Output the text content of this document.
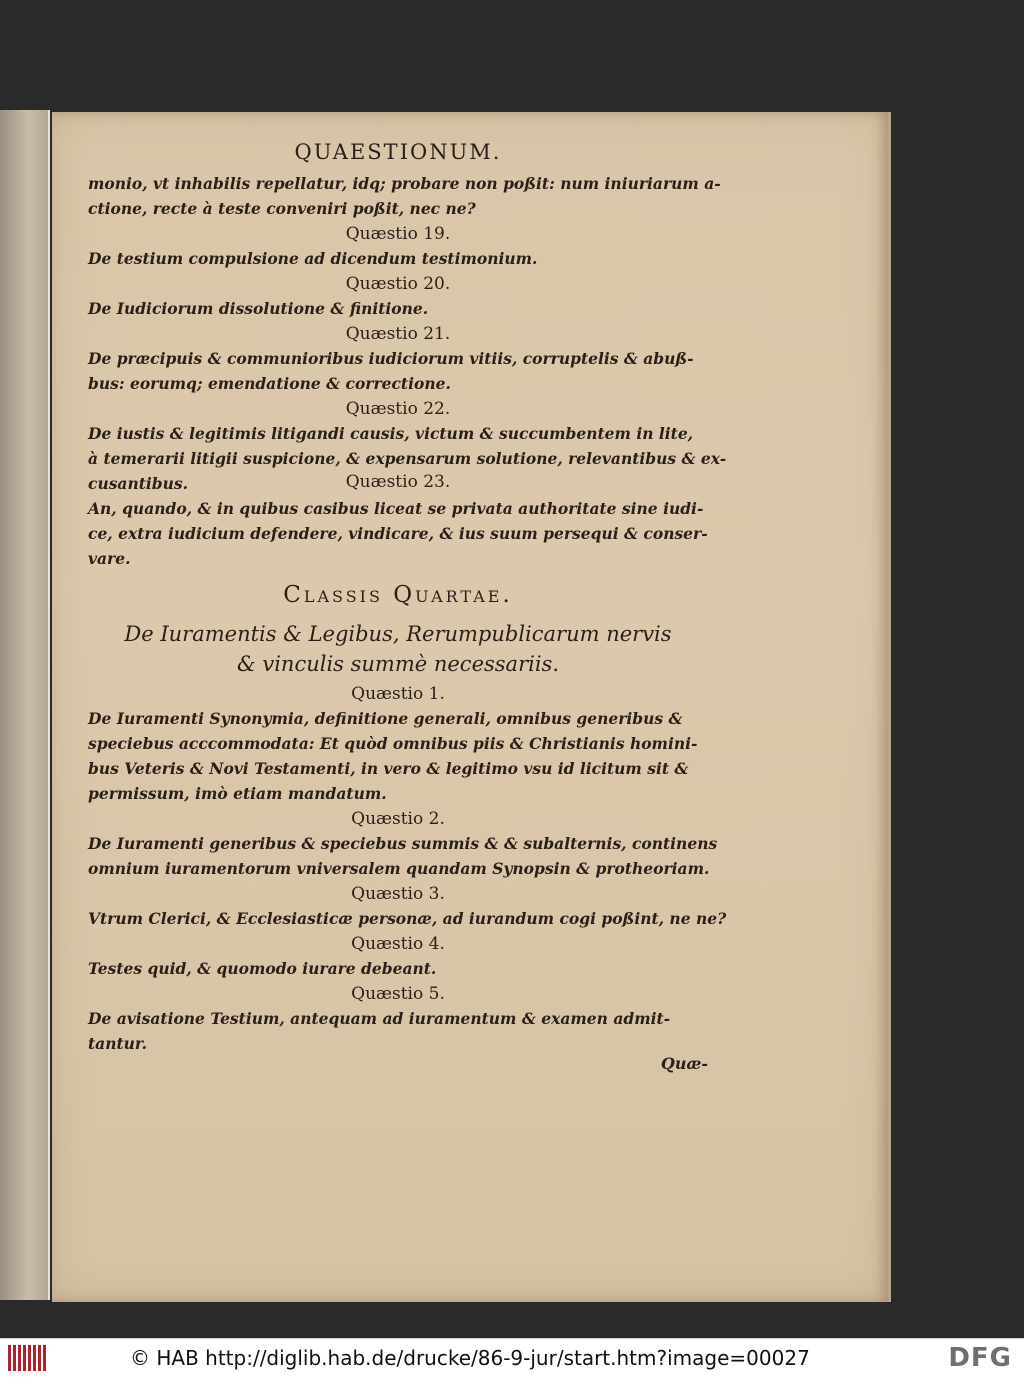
QUAESTIONUM.
monio, vt inhabilis repellatur, idq; probare non poßit: num iniuriarum a-
ctione, recte à teste conveniri poßit, nec ne?
Quæstio 19.
De testium compulsione ad dicendum testimonium.
Quæstio 20.
De Iudiciorum dissolutione & finitione.
Quæstio 21.
De præcipuis & communioribus iudiciorum vitiis, corruptelis & abuß-
bus: eorumq; emendatione & correctione.
Quæstio 22.
De iustis & legitimis litigandi causis, victum & succumbentem in lite,
à temerarii litigii suspicione, & expensarum solutione, relevantibus & ex-
cusantibus.	Quæstio 23.
An, quando, & in quibus casibus liceat se privata authoritate sine iudi-
ce, extra iudicium defendere, vindicare, & ius suum persequi & conser-
vare.
Classis Quartae.
De Iuramentis & Legibus, Rerumpublicarum nervis
& vinculis summè necessariis.
Quæstio 1.
De Iuramenti Synonymia, definitione generali, omnibus generibus &
speciebus acccommodata: Et quòd omnibus piis & Christianis homini-
bus Veteris & Novi Testamenti, in vero & legitimo vsu id licitum sit &
permissum, imò etiam mandatum.
Quæstio 2.
De Iuramenti generibus & speciebus summis & & subalternis, continens
omnium iuramentorum vniversalem quandam Synopsin & protheoriam.
Quæstio 3.
Vtrum Clerici, & Ecclesiasticæ personæ, ad iurandum cogi poßint, ne ne?
Quæstio 4.
Testes quid, & quomodo iurare debeant.
Quæstio 5.
De avisatione Testium, antequam ad iuramentum & examen admit-
tantur.
Quæ-
© HAB http://diglib.hab.de/drucke/86-9-jur/start.htm?image=00027	DFG
